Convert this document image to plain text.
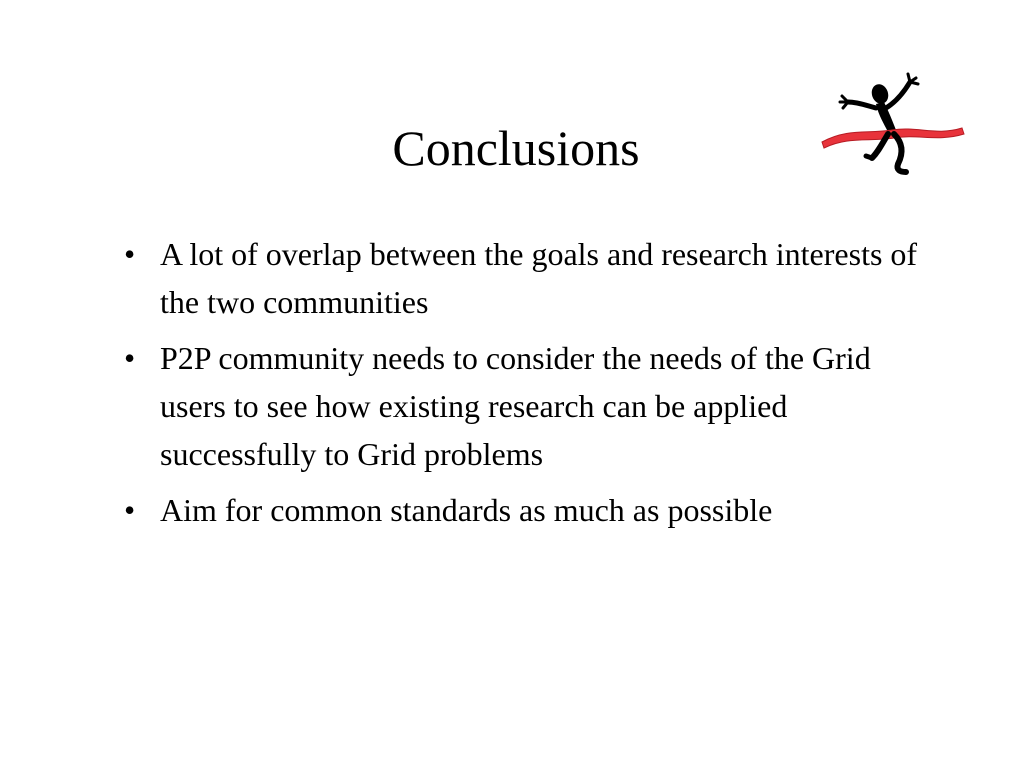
Conclusions
• A lot of overlap between the goals and research interests of the two communities
• P2P community needs to consider the needs of the Grid users to see how existing research can be applied successfully to Grid problems
• Aim for common standards as much as possible
